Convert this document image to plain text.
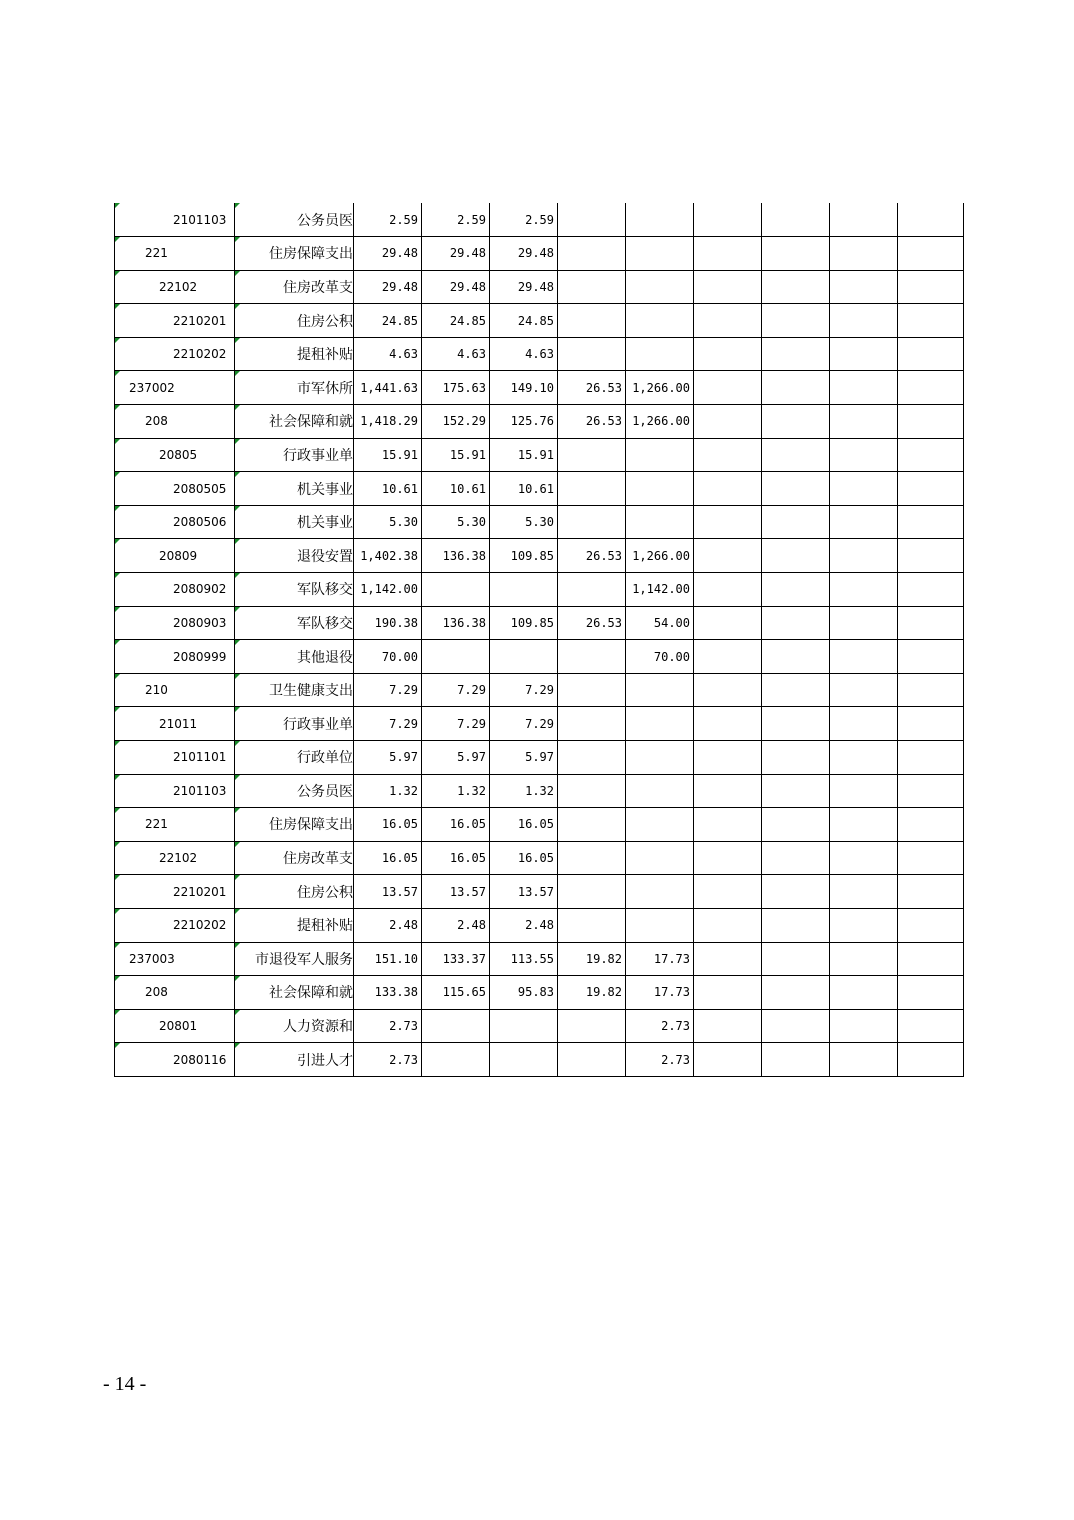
2101103	公务员医	2.59	2.59	2.59						
221	住房保障支出	29.48	29.48	29.48						
22102	住房改革支	29.48	29.48	29.48						
2210201	住房公积	24.85	24.85	24.85						
2210202	提租补贴	4.63	4.63	4.63						
237002	市军休所	1,441.63	175.63	149.10	26.53	1,266.00				
208	社会保障和就	1,418.29	152.29	125.76	26.53	1,266.00				
20805	行政事业单	15.91	15.91	15.91						
2080505	机关事业	10.61	10.61	10.61						
2080506	机关事业	5.30	5.30	5.30						
20809	退役安置	1,402.38	136.38	109.85	26.53	1,266.00				
2080902	军队移交	1,142.00				1,142.00				
2080903	军队移交	190.38	136.38	109.85	26.53	54.00				
2080999	其他退役	70.00				70.00				
210	卫生健康支出	7.29	7.29	7.29						
21011	行政事业单	7.29	7.29	7.29						
2101101	行政单位	5.97	5.97	5.97						
2101103	公务员医	1.32	1.32	1.32						
221	住房保障支出	16.05	16.05	16.05						
22102	住房改革支	16.05	16.05	16.05						
2210201	住房公积	13.57	13.57	13.57						
2210202	提租补贴	2.48	2.48	2.48						
237003	市退役军人服务	151.10	133.37	113.55	19.82	17.73				
208	社会保障和就	133.38	115.65	95.83	19.82	17.73				
20801	人力资源和	2.73				2.73				
2080116	引进人才	2.73				2.73				
- 14 -
